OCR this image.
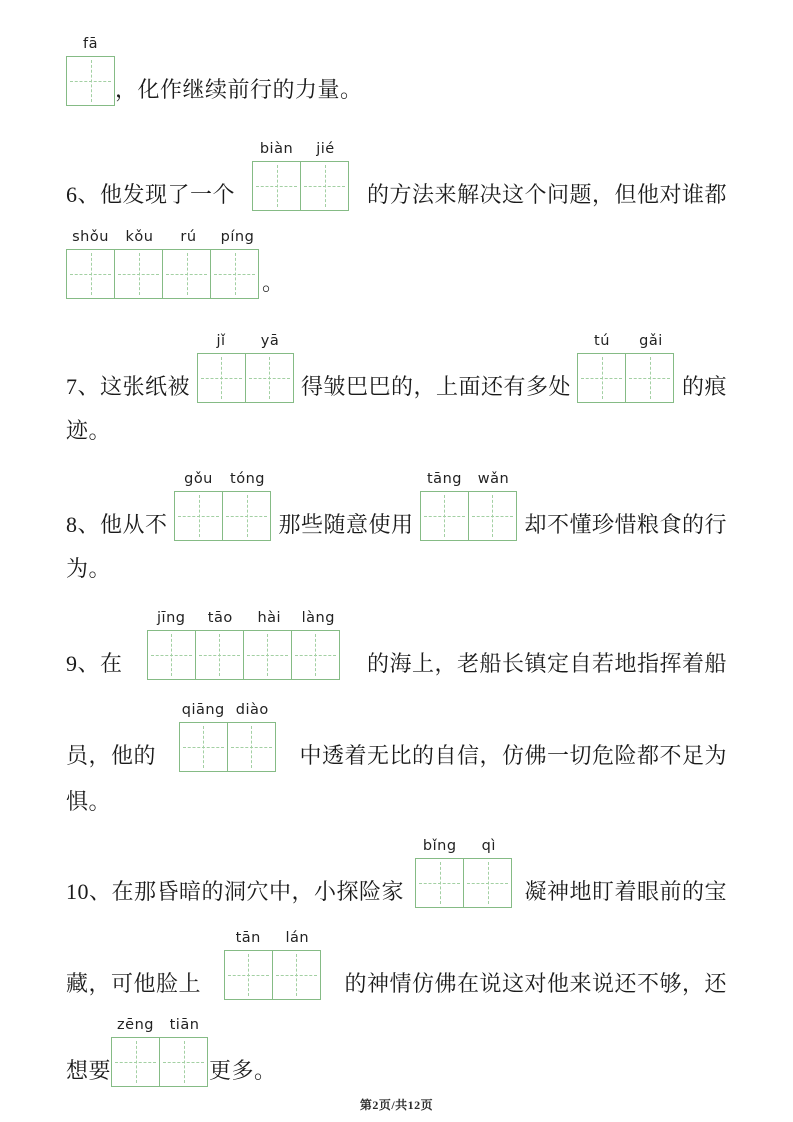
fā
，化作继续前行的力量。
6、他发现了一个
biàn	jié
的方法来解决这个问题，但他对谁都
shǒu	kǒu	rú	píng
。
7、这张纸被
jǐ	yā
得皱巴巴的，上面还有多处
tú	gǎi
的痕
迹。
8、他从不
gǒu	tóng
那些随意使用
tāng	wǎn
却不懂珍惜粮食的行
为。
9、在
jīng	tāo	hài	làng
的海上，老船长镇定自若地指挥着船
员，他的
qiāng diào
中透着无比的自信，仿佛一切危险都不足为
惧。
10、在那昏暗的洞穴中，小探险家
bǐng	qì
凝神地盯着眼前的宝
藏，可他脸上
tān	lán
的神情仿佛在说这对他来说还不够，还
想要
zēng	tiān
更多。
第2页/共12页
